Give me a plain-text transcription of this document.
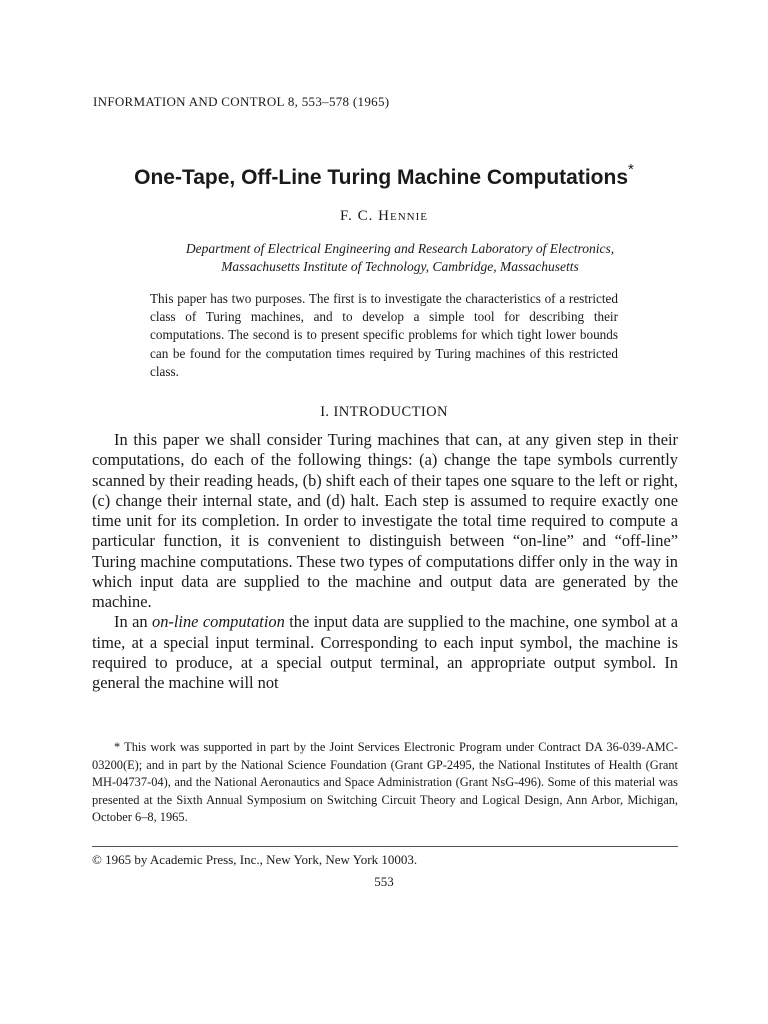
INFORMATION AND CONTROL 8, 553–578 (1965)
One-Tape, Off-Line Turing Machine Computations*
F. C. Hennie
Department of Electrical Engineering and Research Laboratory of Electronics,
Massachusetts Institute of Technology, Cambridge, Massachusetts
This paper has two purposes. The first is to investigate the characteristics of a restricted class of Turing machines, and to develop a simple tool for describing their computations. The second is to present specific problems for which tight lower bounds can be found for the computation times required by Turing machines of this restricted class.
I. INTRODUCTION

In this paper we shall consider Turing machines that can, at any given step in their computations, do each of the following things: (a) change the tape symbols currently scanned by their reading heads, (b) shift each of their tapes one square to the left or right, (c) change their internal state, and (d) halt. Each step is assumed to require exactly one time unit for its completion. In order to investigate the total time required to compute a particular function, it is convenient to distinguish between “on-line” and “off-line” Turing machine computations. These two types of computations differ only in the way in which input data are supplied to the machine and output data are generated by the machine.

In an on-line computation the input data are supplied to the machine, one symbol at a time, at a special input terminal. Corresponding to each input symbol, the machine is required to produce, at a special output terminal, an appropriate output symbol. In general the machine will not

* This work was supported in part by the Joint Services Electronic Program under Contract DA 36-039-AMC-03200(E); and in part by the National Science Foundation (Grant GP-2495, the National Institutes of Health (Grant MH-04737-04), and the National Aeronautics and Space Administration (Grant NsG-496). Some of this material was presented at the Sixth Annual Symposium on Switching Circuit Theory and Logical Design, Ann Arbor, Michigan, October 6–8, 1965.

© 1965 by Academic Press, Inc., New York, New York 10003.
553
